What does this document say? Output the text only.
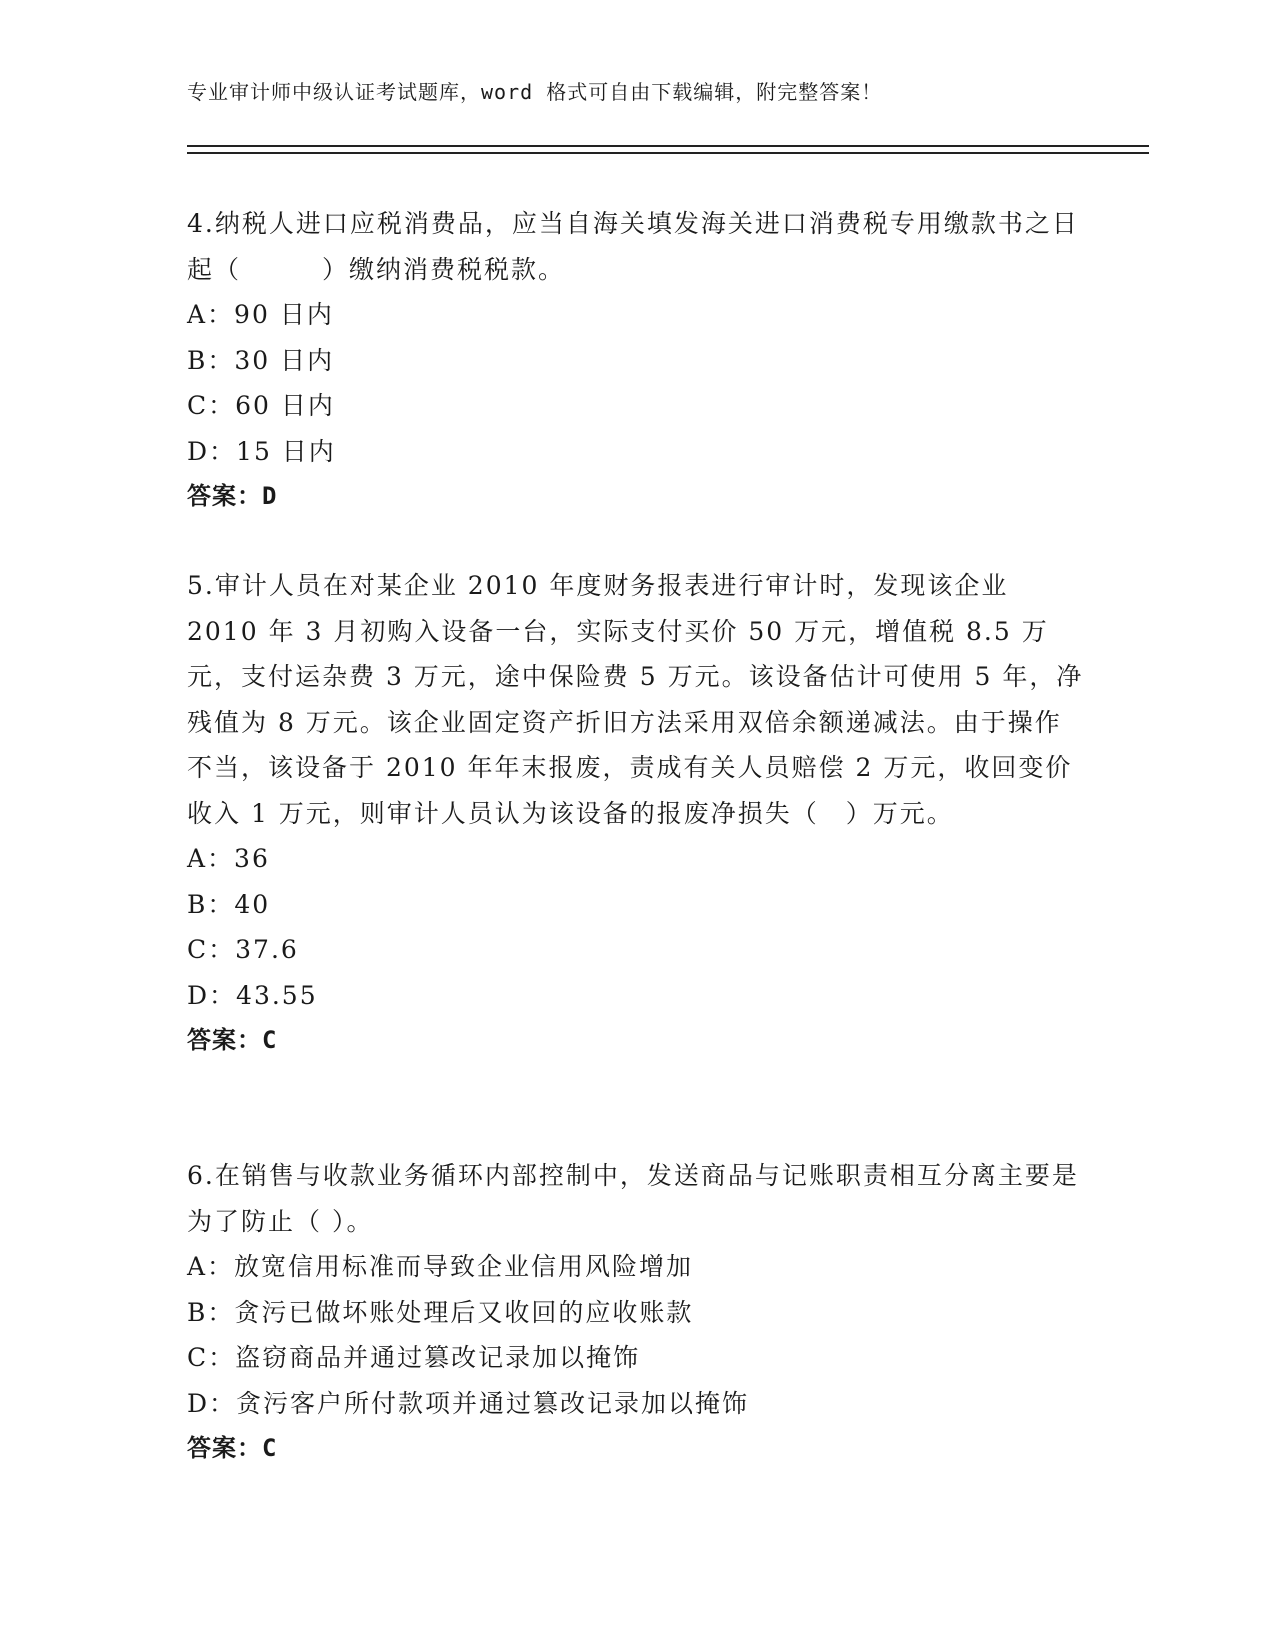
专业审计师中级认证考试题库，word 格式可自由下载编辑，附完整答案！

4.纳税人进口应税消费品，应当自海关填发海关进口消费税专用缴款书之日起（　　　）缴纳消费税税款。

A：90 日内
B：30 日内
C：60 日内
D：15 日内
答案：D

5.审计人员在对某企业 2010 年度财务报表进行审计时，发现该企业 2010 年 3 月初购入设备一台，实际支付买价 50 万元，增值税 8.5 万元，支付运杂费 3 万元，途中保险费 5 万元。该设备估计可使用 5 年，净残值为 8 万元。该企业固定资产折旧方法采用双倍余额递减法。由于操作不当，该设备于 2010 年年末报废，责成有关人员赔偿 2 万元，收回变价收入 1 万元，则审计人员认为该设备的报废净损失（　）万元。

A：36
B：40
C：37.6
D：43.55
答案：C

6.在销售与收款业务循环内部控制中，发送商品与记账职责相互分离主要是为了防止（ ）。

A：放宽信用标准而导致企业信用风险增加
B：贪污已做坏账处理后又收回的应收账款
C：盗窃商品并通过篡改记录加以掩饰
D：贪污客户所付款项并通过篡改记录加以掩饰
答案：C
